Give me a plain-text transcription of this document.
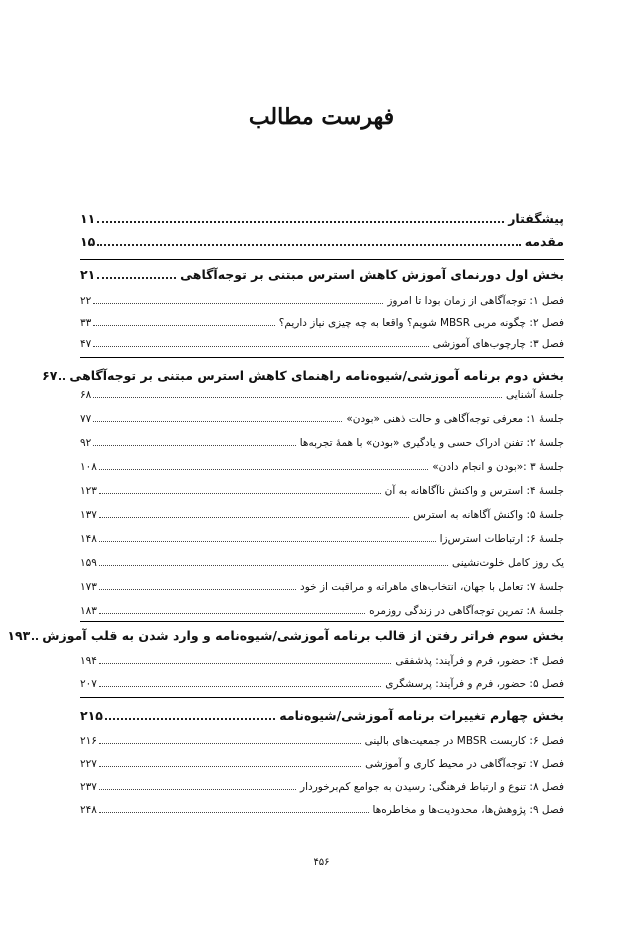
فهرست مطالب
پیشگفتار
۱۱
مقدمه
۱۵
بخش اول دورنمای آموزش کاهش استرس مبتنی بر توجه‌آگاهی
۲۱
فصل ۱: توجه‌آگاهی از زمان بودا تا امروز
۲۲
فصل ۲: چگونه مربی MBSR شویم؟ واقعا به چه چیزی نیاز داریم؟
۳۳
فصل ۳: چارچوب‌های آموزشی
۴۷
بخش دوم برنامه آموزشی/شیوه‌نامه راهنمای کاهش استرس مبتنی بر توجه‌آگاهی
۶۷
جلسۀ آشنایی
۶۸
جلسۀ ۱: معرفی توجه‌آگاهی و حالت ذهنی «بودن»
۷۷
جلسۀ ۲: تفنن ادراک حسی و یادگیری «بودن» با همۀ تجربه‌ها
۹۲
جلسۀ ۳ :«بودن و انجام دادن»
۱۰۸
جلسۀ ۴: استرس و واکنش ناآگاهانه به آن
۱۲۳
جلسۀ ۵: واکنش آگاهانه به استرس
۱۳۷
جلسۀ ۶: ارتباطات استرس‌زا
۱۴۸
یک روز کامل خلوت‌نشینی
۱۵۹
جلسۀ ۷: تعامل با جهان، انتخاب‌های ماهرانه و مراقبت از خود
۱۷۳
جلسۀ ۸: تمرین توجه‌آگاهی در زندگی روزمره
۱۸۳
بخش سوم فراتر رفتن از قالب برنامه آموزشی/شیوه‌نامه و وارد شدن به قلب آموزش
۱۹۳
فصل ۴: حضور، فرم و فرآیند: پذشفقی
۱۹۴
فصل ۵: حضور، فرم و فرآیند: پرسشگری
۲۰۷
بخش چهارم تغییرات برنامه آموزشی/شیوه‌نامه
۲۱۵
فصل ۶: کاربست MBSR در جمعیت‌های بالینی
۲۱۶
فصل ۷: توجه‌آگاهی در محیط کاری و آموزشی
۲۲۷
فصل ۸: تنوع و ارتباط فرهنگی: رسیدن به جوامع کم‌برخوردار
۲۳۷
فصل ۹: پژوهش‌ها، محدودیت‌ها و مخاطره‌ها
۲۴۸
۴۵۶
